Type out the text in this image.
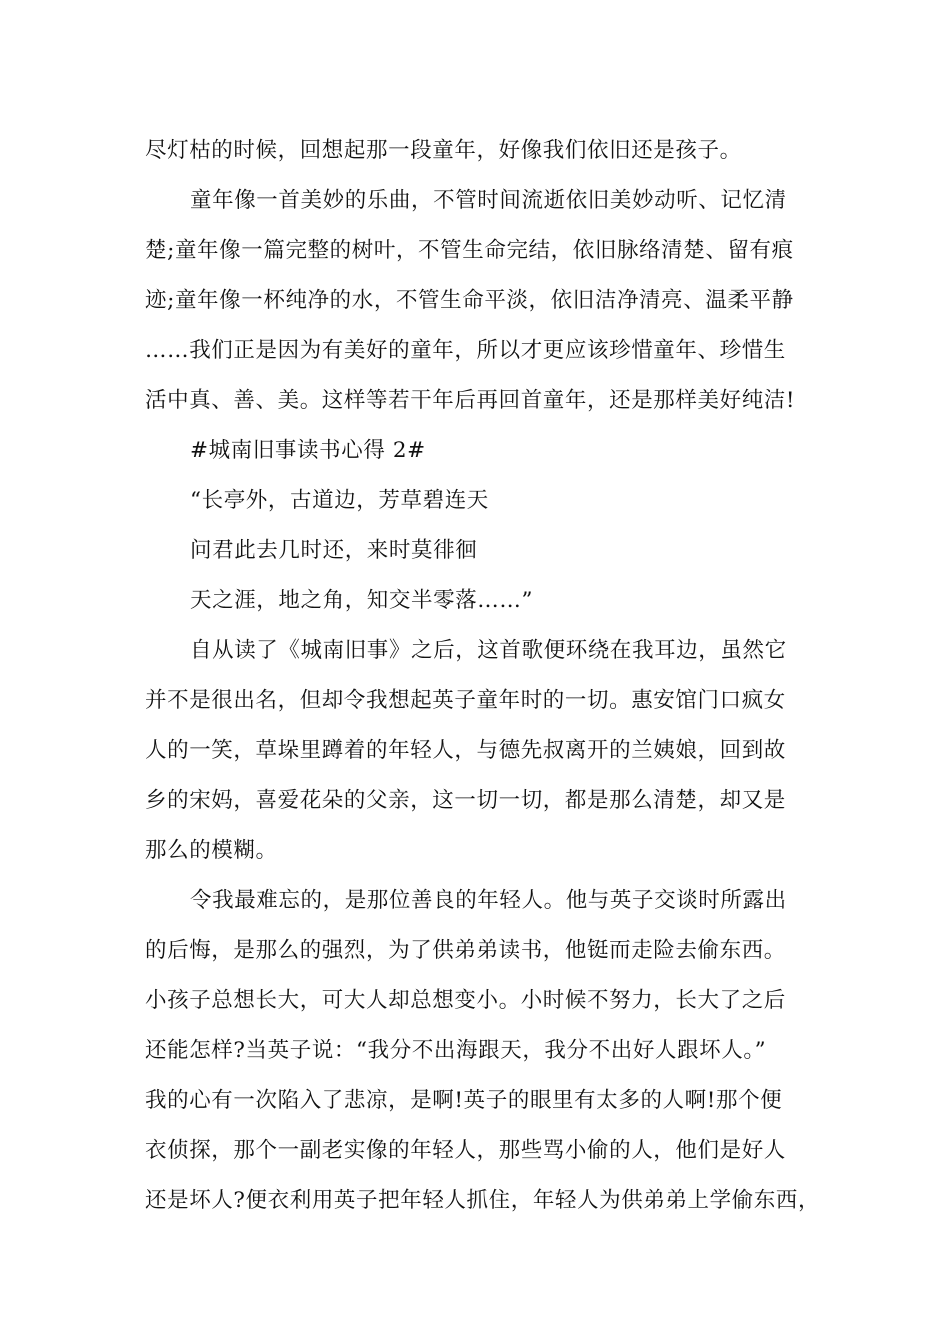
尽灯枯的时候，回想起那一段童年，好像我们依旧还是孩子。
童年像一首美妙的乐曲，不管时间流逝依旧美妙动听、记忆清
楚;童年像一篇完整的树叶，不管生命完结，依旧脉络清楚、留有痕
迹;童年像一杯纯净的水，不管生命平淡，依旧洁净清亮、温柔平静
……我们正是因为有美好的童年，所以才更应该珍惜童年、珍惜生
活中真、善、美。这样等若干年后再回首童年，还是那样美好纯洁!
#城南旧事读书心得 2#
“长亭外，古道边，芳草碧连天
问君此去几时还，来时莫徘徊
天之涯，地之角，知交半零落……”
自从读了《城南旧事》之后，这首歌便环绕在我耳边，虽然它
并不是很出名，但却令我想起英子童年时的一切。惠安馆门口疯女
人的一笑，草垛里蹲着的年轻人，与德先叔离开的兰姨娘，回到故
乡的宋妈，喜爱花朵的父亲，这一切一切，都是那么清楚，却又是
那么的模糊。
令我最难忘的，是那位善良的年轻人。他与英子交谈时所露出
的后悔，是那么的强烈，为了供弟弟读书，他铤而走险去偷东西。
小孩子总想长大，可大人却总想变小。小时候不努力，长大了之后
还能怎样?当英子说：“我分不出海跟天，我分不出好人跟坏人。”
我的心有一次陷入了悲凉，是啊!英子的眼里有太多的人啊!那个便
衣侦探，那个一副老实像的年轻人，那些骂小偷的人，他们是好人
还是坏人?便衣利用英子把年轻人抓住，年轻人为供弟弟上学偷东西，
